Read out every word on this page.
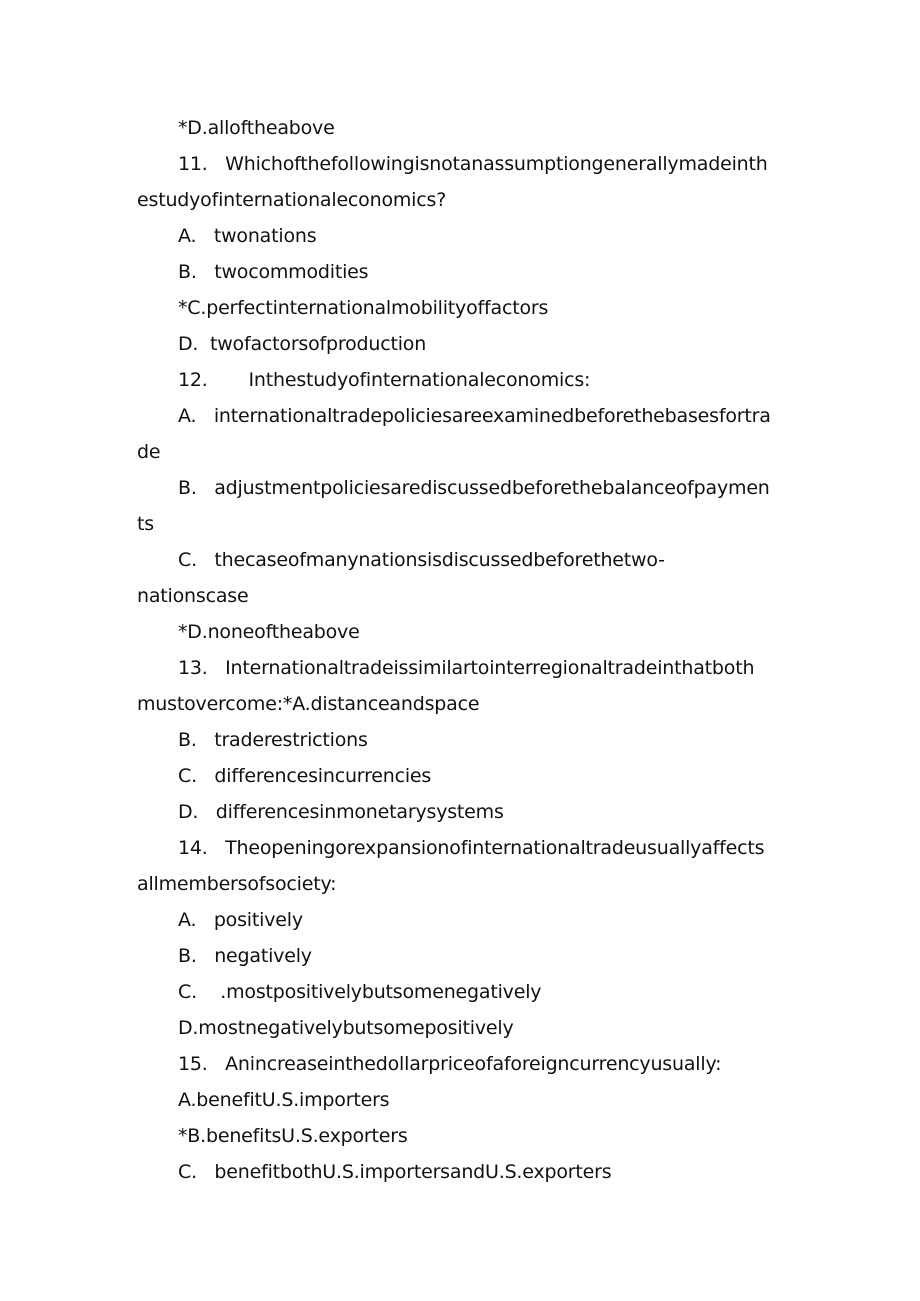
*D.alloftheabove
11.   Whichofthefollowingisnotanassumptiongenerallymadeinth
estudyofinternationaleconomics?
A.   twonations
B.   twocommodities
*C.perfectinternationalmobilityoffactors
D.  twofactorsofproduction
12.       Inthestudyofinternationaleconomics:
A.   internationaltradepoliciesareexaminedbeforethebasesfortra
de
B.   adjustmentpoliciesarediscussedbeforethebalanceofpaymen
ts
C.   thecaseofmanynationsisdiscussedbeforethetwo-
nationscase
*D.noneoftheabove
13.   Internationaltradeissimilartointerregionaltradeinthatboth
mustovercome:*A.distanceandspace
B.   traderestrictions
C.   differencesincurrencies
D.   differencesinmonetarysystems
14.   Theopeningorexpansionofinternationaltradeusuallyaffects
allmembersofsociety:
A.   positively
B.   negatively
C.    .mostpositivelybutsomenegatively
D.mostnegativelybutsomepositively
15.   Anincreaseinthedollarpriceofaforeigncurrencyusually:
A.benefitU.S.importers
*B.benefitsU.S.exporters
C.   benefitbothU.S.importersandU.S.exporters
